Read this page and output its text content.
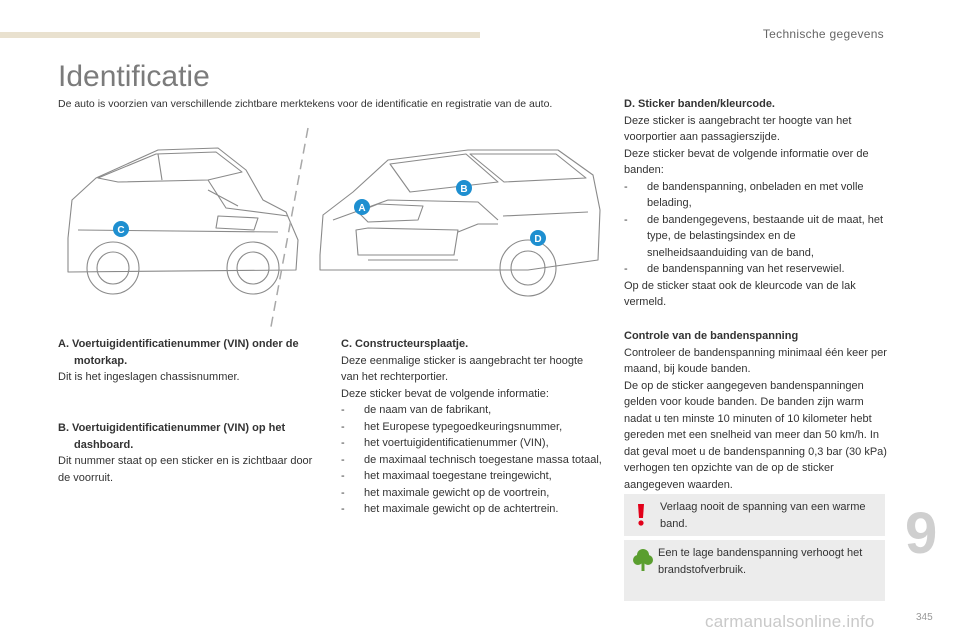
Technische gegevens
Identificatie
De auto is voorzien van verschillende zichtbare merktekens voor de identificatie en registratie van de auto.
A
B
C
D

A. Voertuigidentificatienummer (VIN) onder de motorkap.

Dit is het ingeslagen chassisnummer.

B. Voertuigidentificatienummer (VIN) op het dashboard.

Dit nummer staat op een sticker en is zichtbaar door de voorruit.

C. Constructeursplaatje.

Deze eenmalige sticker is aangebracht ter hoogte van het rechterportier.

Deze sticker bevat de volgende informatie:

- de naam van de fabrikant,
- het Europese typegoedkeuringsnummer,
- het voertuigidentificatienummer (VIN),
- de maximaal technisch toegestane massa totaal,
- het maximaal toegestane treingewicht,
- het maximale gewicht op de voortrein,
- het maximale gewicht op de achtertrein.

D. Sticker banden/kleurcode.

Deze sticker is aangebracht ter hoogte van het voorportier aan passagierszijde.

Deze sticker bevat de volgende informatie over de banden:

- de bandenspanning, onbeladen en met volle belading,
- de bandengegevens, bestaande uit de maat, het type, de belastingsindex en de snelheidsaanduiding van de band,
- de bandenspanning van het reservewiel.

Op de sticker staat ook de kleurcode van de lak vermeld.

Controle van de bandenspanning

Controleer de bandenspanning minimaal één keer per maand, bij koude banden.

De op de sticker aangegeven bandenspanningen gelden voor koude banden. De banden zijn warm nadat u ten minste 10 minuten of 10 kilometer hebt gereden met een snelheid van meer dan 50 km/h. In dat geval moet u de bandenspanning 0,3 bar (30 kPa) verhogen ten opzichte van de op de sticker aangegeven waarden.

Verlaag nooit de spanning van een warme band.

Een te lage bandenspanning verhoogt het brandstofverbruik.

9
carmanualsonline.info	345
